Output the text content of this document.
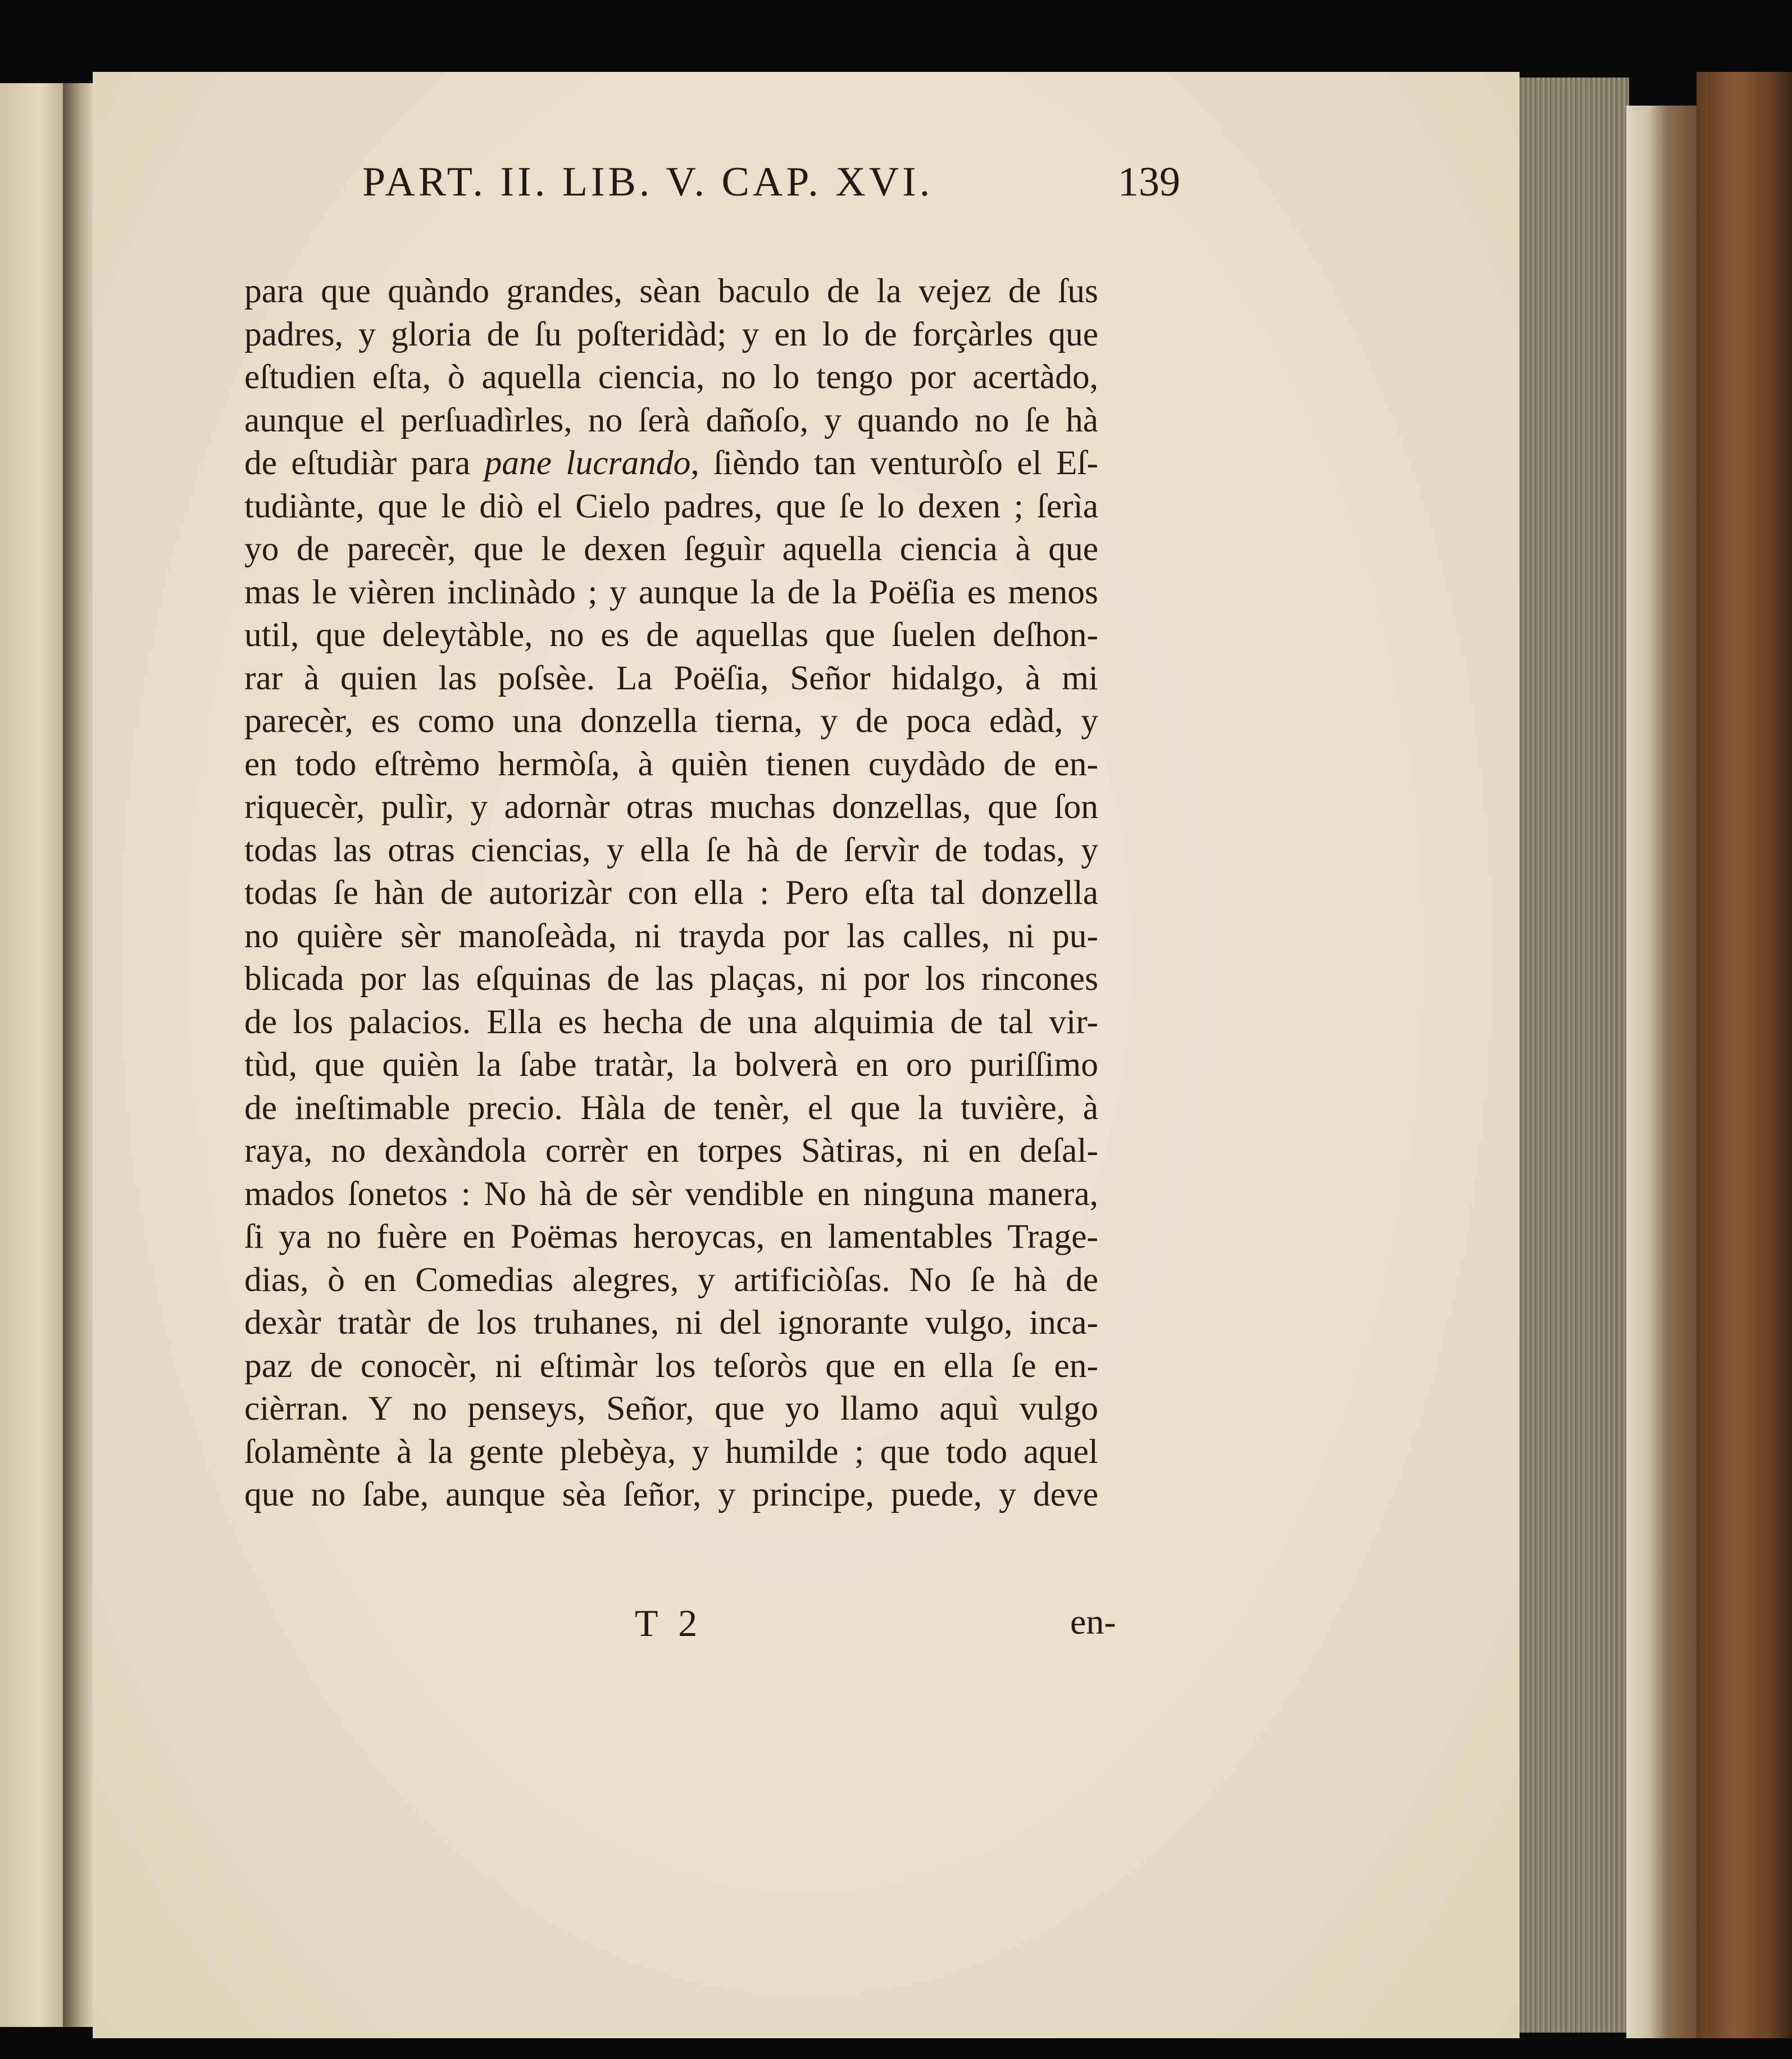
PART. II. LIB. V. CAP. XVI.	139
para que quàndo grandes, sèan baculo de la vejez de ſus
padres, y gloria de ſu poſteridàd; y en lo de forçàrles que
eſtudien eſta, ò aquella ciencia, no lo tengo por acertàdo,
aunque el perſuadìrles, no ſerà dañoſo, y quando no ſe hà
de eſtudiàr para pane lucrando, ſièndo tan venturòſo el Eſ-
tudiànte, que le diò el Cielo padres, que ſe lo dexen ; ſerìa
yo de parecèr, que le dexen ſeguìr aquella ciencia à que
mas le vièren inclinàdo ; y aunque la de la Poëſia es menos
util, que deleytàble, no es de aquellas que ſuelen deſhon-
rar à quien las poſsèe. La Poëſia, Señor hidalgo, à mi
parecèr, es como una donzella tierna, y de poca edàd, y
en todo eſtrèmo hermòſa, à quièn tienen cuydàdo de en-
riquecèr, pulìr, y adornàr otras muchas donzellas, que ſon
todas las otras ciencias, y ella ſe hà de ſervìr de todas, y
todas ſe hàn de autorizàr con ella : Pero eſta tal donzella
no quière sèr manoſeàda, ni trayda por las calles, ni pu-
blicada por las eſquinas de las plaças, ni por los rincones
de los palacios. Ella es hecha de una alquimia de tal vir-
tùd, que quièn la ſabe tratàr, la bolverà en oro puriſſimo
de ineſtimable precio. Hàla de tenèr, el que la tuvière, à
raya, no dexàndola corrèr en torpes Sàtiras, ni en deſal-
mados ſonetos : No hà de sèr vendible en ninguna manera,
ſi ya no fuère en Poëmas heroycas, en lamentables Trage-
dias, ò en Comedias alegres, y artificiòſas. No ſe hà de
dexàr tratàr de los truhanes, ni del ignorante vulgo, inca-
paz de conocèr, ni eſtimàr los teſoròs que en ella ſe en-
cièrran. Y no penseys, Señor, que yo llamo aquì vulgo
ſolamènte à la gente plebèya, y humilde ; que todo aquel
que no ſabe, aunque sèa ſeñor, y principe, puede, y deve
T 2	en-
